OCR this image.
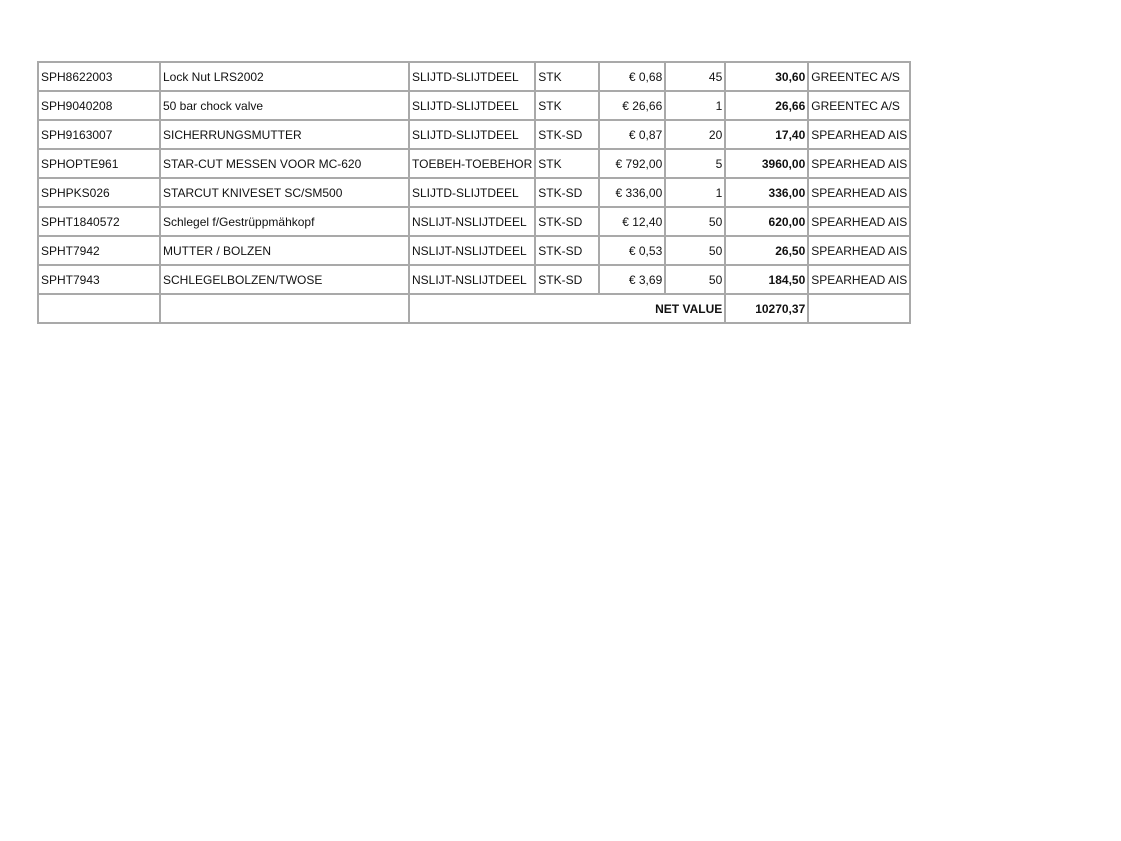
SPH8622003	Lock Nut LRS2002	SLIJTD-SLIJTDEEL	STK	€ 0,68	45	30,60	GREENTEC A/S
SPH9040208	50 bar chock valve	SLIJTD-SLIJTDEEL	STK	€ 26,66	1	26,66	GREENTEC A/S
SPH9163007	SICHERRUNGSMUTTER	SLIJTD-SLIJTDEEL	STK-SD	€ 0,87	20	17,40	SPEARHEAD AIS
SPHOPTE961	STAR-CUT MESSEN VOOR MC-620	TOEBEH-TOEBEHOR	STK	€ 792,00	5	3960,00	SPEARHEAD AIS
SPHPKS026	STARCUT KNIVESET SC/SM500	SLIJTD-SLIJTDEEL	STK-SD	€ 336,00	1	336,00	SPEARHEAD AIS
SPHT1840572	Schlegel f/Gestrüppmähkopf	NSLIJT-NSLIJTDEEL	STK-SD	€ 12,40	50	620,00	SPEARHEAD AIS
SPHT7942	MUTTER / BOLZEN	NSLIJT-NSLIJTDEEL	STK-SD	€ 0,53	50	26,50	SPEARHEAD AIS
SPHT7943	SCHLEGELBOLZEN/TWOSE	NSLIJT-NSLIJTDEEL	STK-SD	€ 3,69	50	184,50	SPEARHEAD AIS
		NET VALUE				10270,37	
